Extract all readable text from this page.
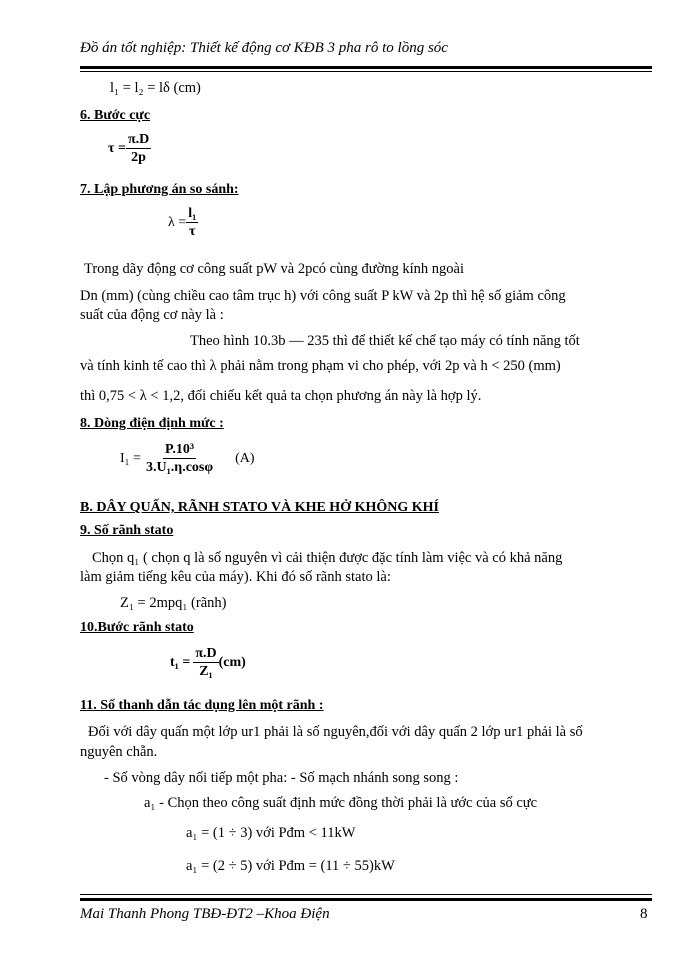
Đồ án tốt nghiệp: Thiết kế động cơ KĐB 3 pha rô to lồng sóc
l₁ = l₂ = lδ (cm)
6. Bước cực
$\tau = \frac{\pi.D}{2p}$
7. Lập phương án so sánh:
$\lambda = \frac{\text{l₁}}{\tau}$
Trong dãy động cơ công suất pW và 2pcó cùng đường kính ngoài
Dn (mm) (cùng chiều cao tâm trục h) với công suất P kW và 2p thì hệ số giảm công
suất của động cơ này là :
Theo hình 10.3b — 235 thì để thiết kế chế tạo máy có tính năng tốt
và tính kinh tế cao thì λ phải nằm trong phạm vi cho phép, với 2p và h < 250 (mm)
thì 0,75 < λ < 1,2, đối chiếu kết quả ta chọn phương án này là hợp lý.
8. Dòng điện định mức :
$I_1 = \frac{\text{P.10³}}{\text{3.U₁.η.cosφ}} (A)$
B. DÂY QUẤN, RÃNH STATO VÀ KHE HỞ KHÔNG KHÍ
9. Số rãnh stato
Chọn q₁ ( chọn q là số nguyên vì cải thiện được đặc tính làm việc và có khả năng
làm giảm tiếng kêu của máy). Khi đó số rãnh stato là:
Z₁ = 2mpq₁ (rãnh)
10.Bước rãnh stato
$t_1 = \frac{\pi.D}{\text{Z₁}} (cm)$
11. Số thanh dẫn tác dụng lên một rãnh :
Đối với dây quấn một lớp ur1 phải là số nguyên,đối với dây quấn 2 lớp ur1 phải là số
nguyên chẵn.
- Số vòng dây nối tiếp một pha: - Số mạch nhánh song song :
a₁ - Chọn theo công suất định mức đồng thời phải là ước của số cực
a₁ = (1 ÷ 3) với Pđm < 11kW
a₁ = (2 ÷ 5) với Pđm = (11 ÷ 55)kW
Mai Thanh Phong TBĐ-ĐT2 –Khoa Điện	8
